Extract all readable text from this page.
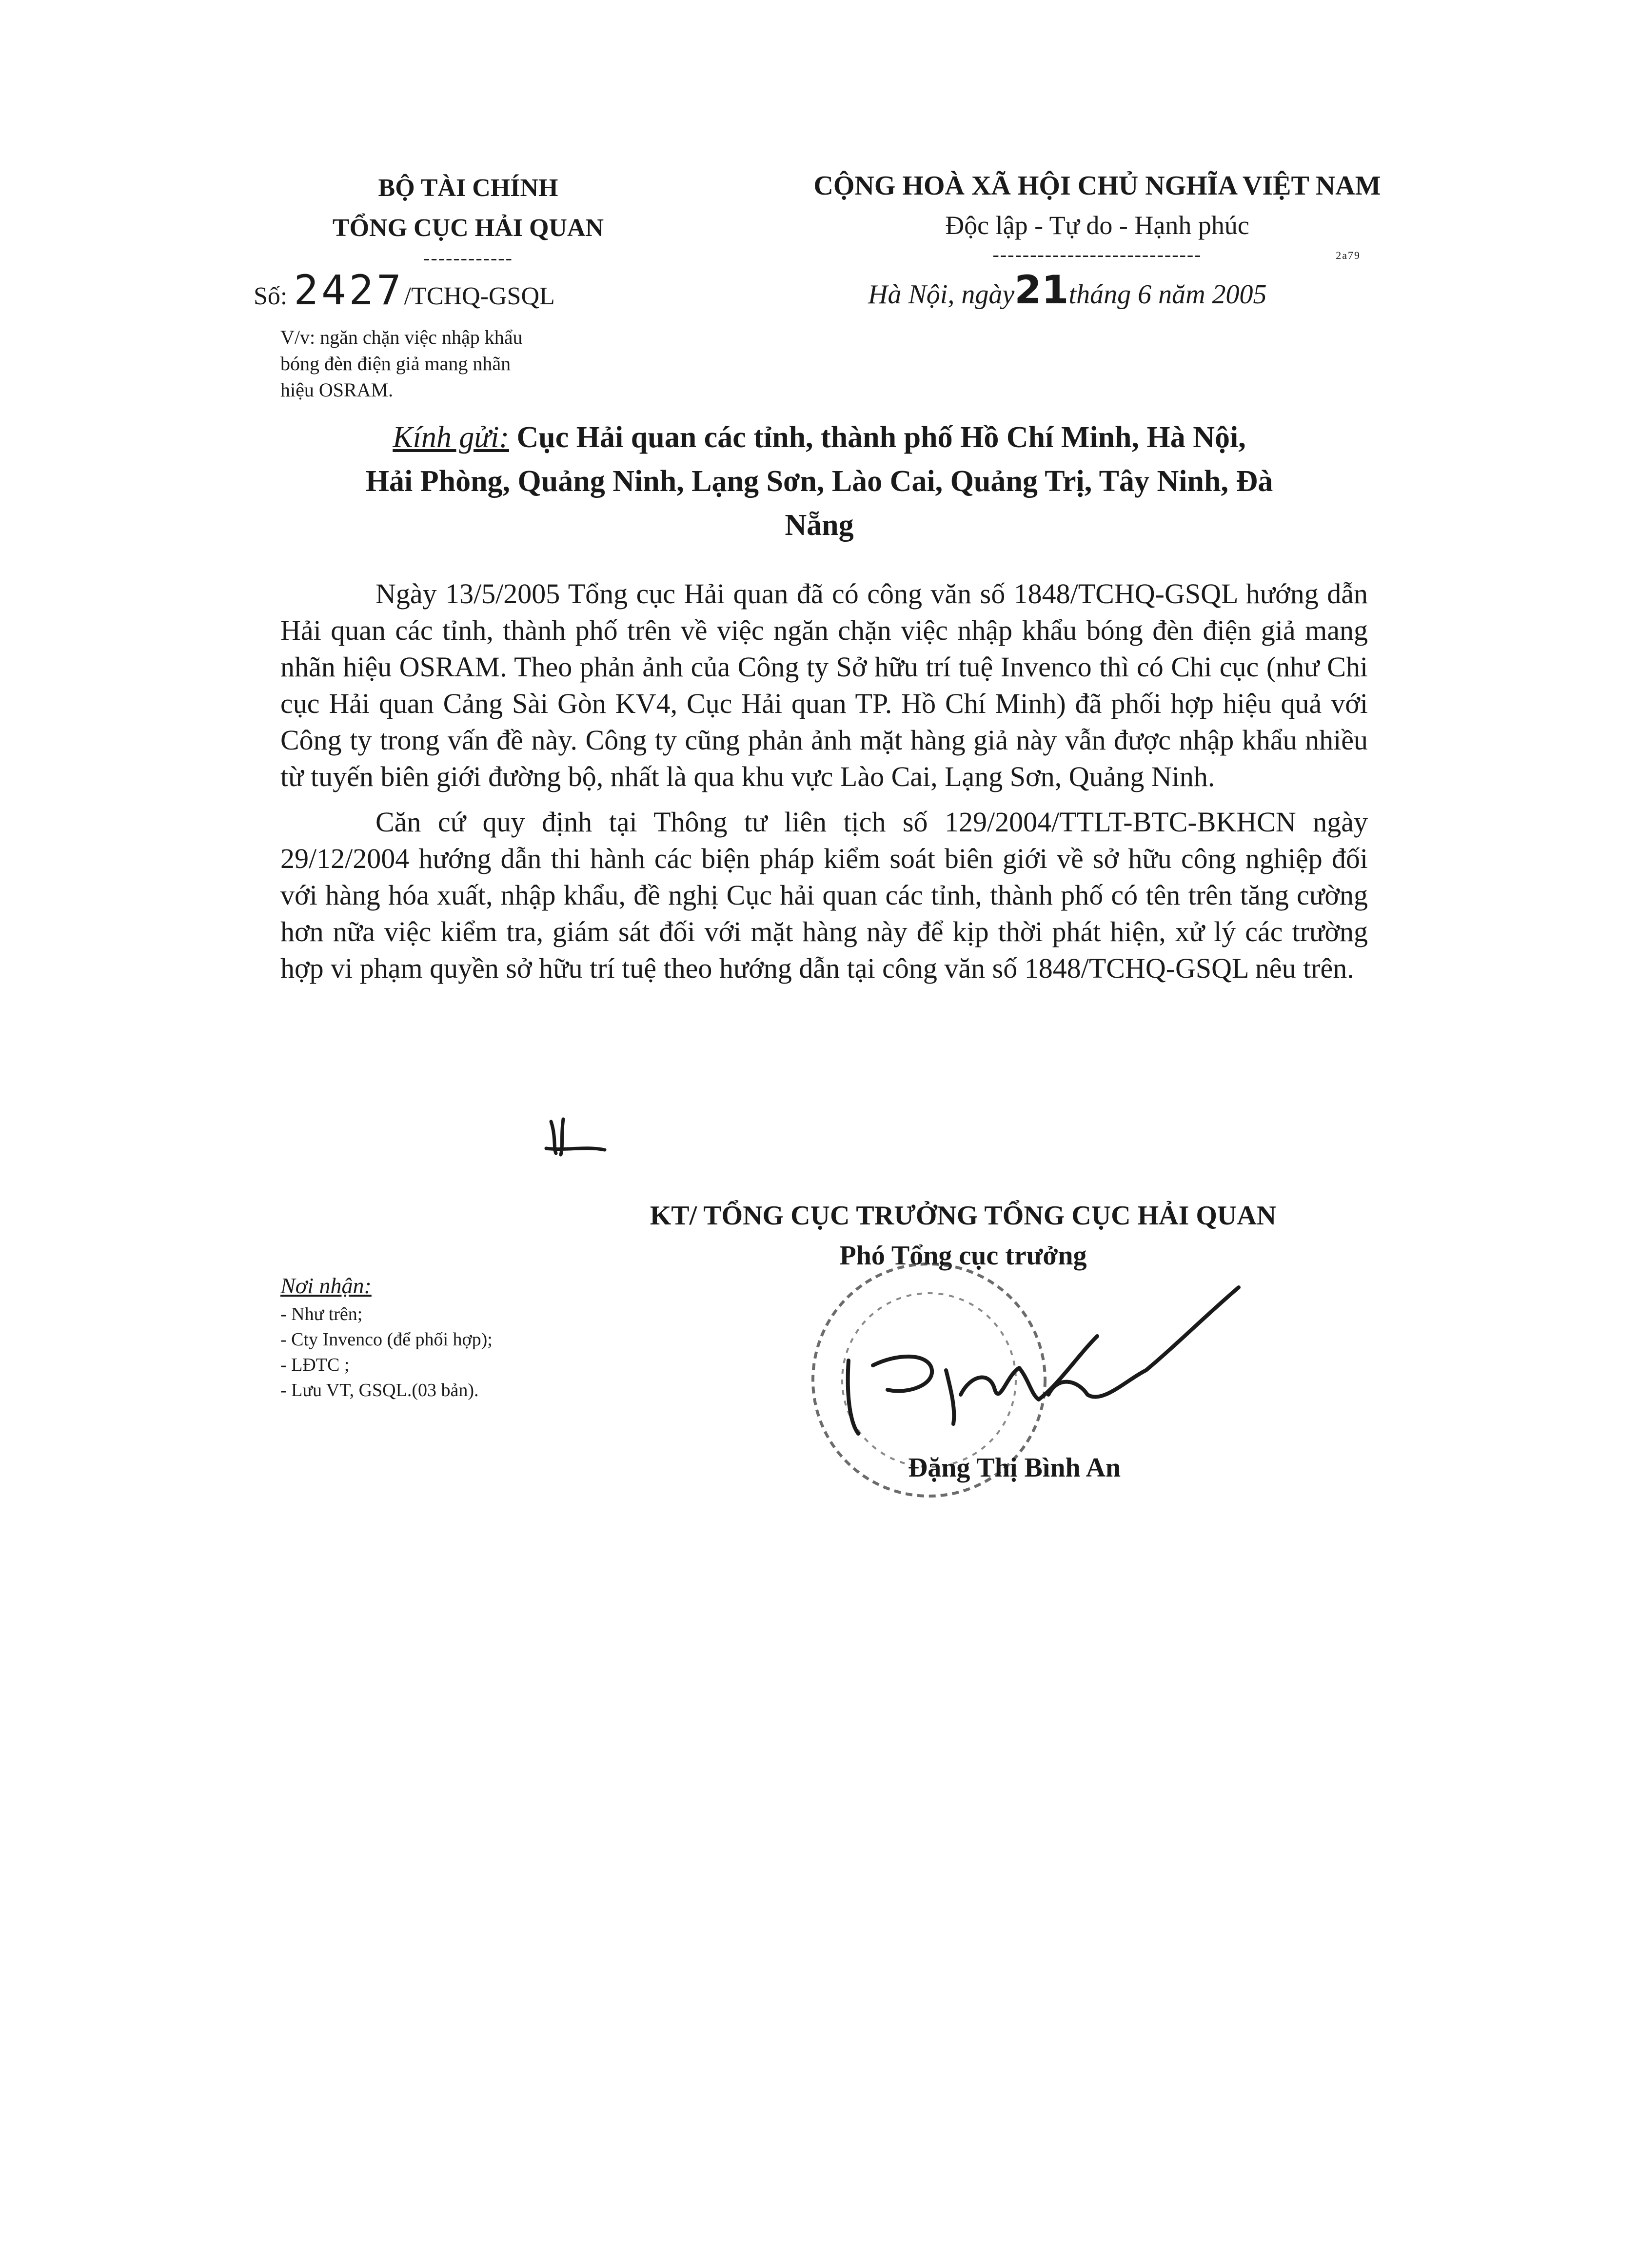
BỘ TÀI CHÍNH
TỔNG CỤC HẢI QUAN
------------
CỘNG HOÀ XÃ HỘI CHỦ NGHĨA VIỆT NAM
Độc lập - Tự do - Hạnh phúc
----------------------------	2a79
Số: 2427/TCHQ-GSQL	Hà Nội, ngày21tháng 6 năm 2005
V/v: ngăn chặn việc nhập khẩu
bóng đèn điện giả mang nhãn
hiệu OSRAM.
Kính gửi: Cục Hải quan các tỉnh, thành phố Hồ Chí Minh, Hà Nội,
Hải Phòng, Quảng Ninh, Lạng Sơn, Lào Cai, Quảng Trị, Tây Ninh, Đà
Nẵng

Ngày 13/5/2005 Tổng cục Hải quan đã có công văn số 1848/TCHQ-GSQL hướng dẫn Hải quan các tỉnh, thành phố trên về việc ngăn chặn việc nhập khẩu bóng đèn điện giả mang nhãn hiệu OSRAM. Theo phản ảnh của Công ty Sở hữu trí tuệ Invenco thì có Chi cục (như Chi cục Hải quan Cảng Sài Gòn KV4, Cục Hải quan TP. Hồ Chí Minh) đã phối hợp hiệu quả với Công ty trong vấn đề này. Công ty cũng phản ảnh mặt hàng giả này vẫn được nhập khẩu nhiều từ tuyến biên giới đường bộ, nhất là qua khu vực Lào Cai, Lạng Sơn, Quảng Ninh.

Căn cứ quy định tại Thông tư liên tịch số 129/2004/TTLT-BTC-BKHCN ngày 29/12/2004 hướng dẫn thi hành các biện pháp kiểm soát biên giới về sở hữu công nghiệp đối với hàng hóa xuất, nhập khẩu, đề nghị Cục hải quan các tỉnh, thành phố có tên trên tăng cường hơn nữa việc kiểm tra, giám sát đối với mặt hàng này để kịp thời phát hiện, xử lý các trường hợp vi phạm quyền sở hữu trí tuệ theo hướng dẫn tại công văn số 1848/TCHQ-GSQL nêu trên.

KT/ TỔNG CỤC TRƯỞNG TỔNG CỤC HẢI QUAN
Phó Tổng cục trưởng
Đặng Thị Bình An
Nơi nhận:
- Như trên;
- Cty Invenco (để phối hợp);
- LĐTC ;
- Lưu VT, GSQL.(03 bản).
